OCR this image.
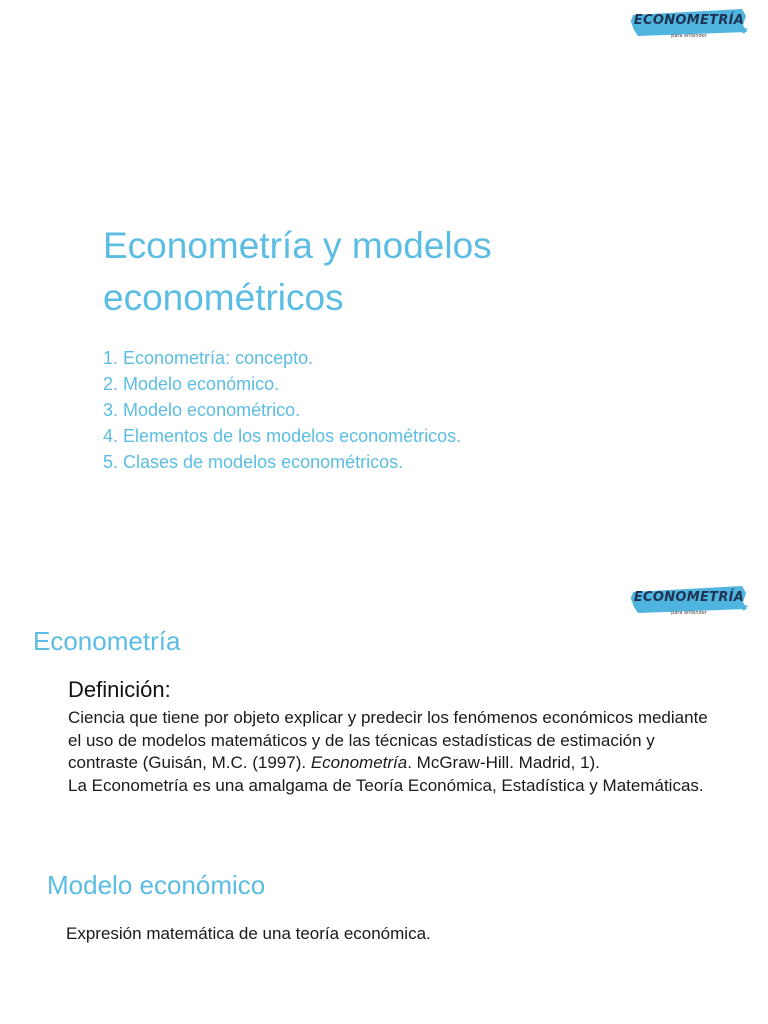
ECONOMETRÍA
para entender
Econometría y modelos
econométricos
1. Econometría: concepto.
2. Modelo económico.
3. Modelo econométrico.
4. Elementos de los modelos econométricos.
5. Clases de modelos econométricos.
ECONOMETRÍA
para entender
Econometría
Definición:
Ciencia que tiene por objeto explicar y predecir los fenómenos económicos mediante el uso de modelos matemáticos y de las técnicas estadísticas de estimación y contraste (Guisán, M.C. (1997). Econometría. McGraw-Hill. Madrid, 1).
La Econometría es una amalgama de Teoría Económica, Estadística y Matemáticas.
Modelo económico
Expresión matemática de una teoría económica.
